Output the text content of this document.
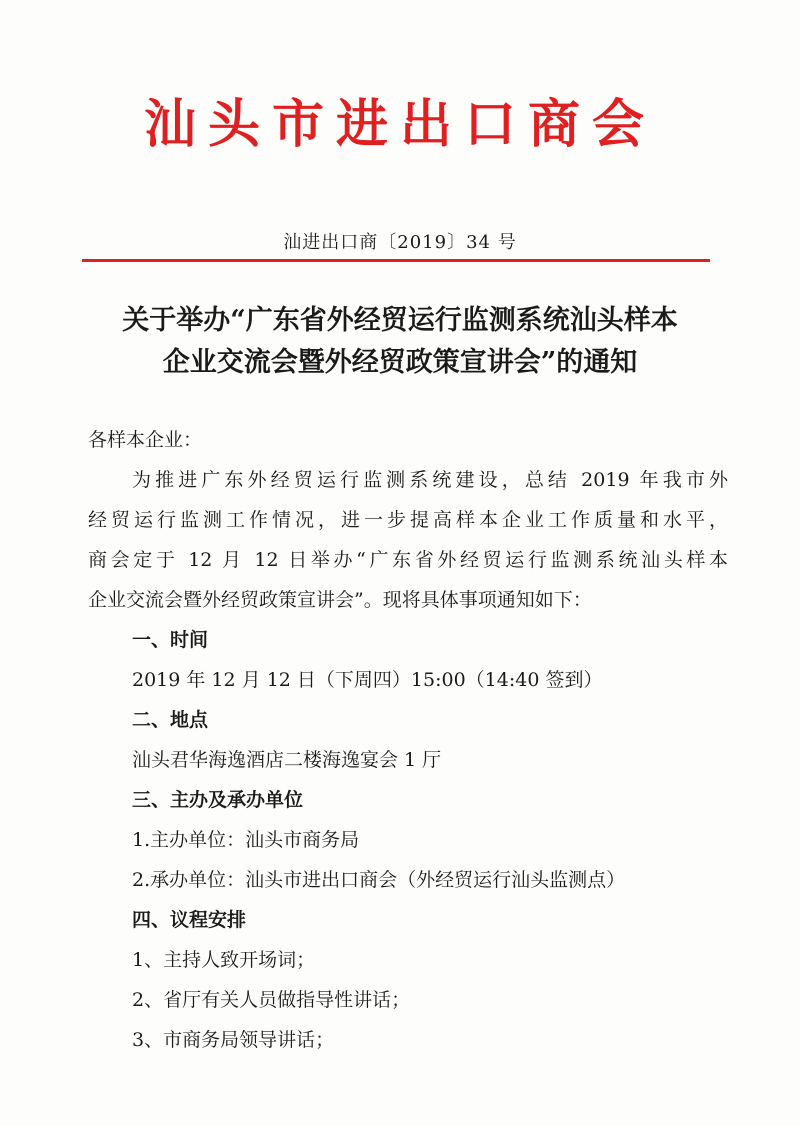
汕头市进出口商会
汕进出口商〔2019〕34 号
关于举办“广东省外经贸运行监测系统汕头样本
企业交流会暨外经贸政策宣讲会”的通知
各样本企业：
为推进广东外经贸运行监测系统建设，总结 2019 年我市外
经贸运行监测工作情况，进一步提高样本企业工作质量和水平，
商会定于 12 月 12 日举办“广东省外经贸运行监测系统汕头样本
企业交流会暨外经贸政策宣讲会”。现将具体事项通知如下：
一、时间
2019 年 12 月 12 日（下周四）15:00（14:40 签到）
二、地点
汕头君华海逸酒店二楼海逸宴会 1 厅
三、主办及承办单位
1.主办单位：汕头市商务局
2.承办单位：汕头市进出口商会（外经贸运行汕头监测点）
四、议程安排
1、主持人致开场词；
2、省厅有关人员做指导性讲话；
3、市商务局领导讲话；
